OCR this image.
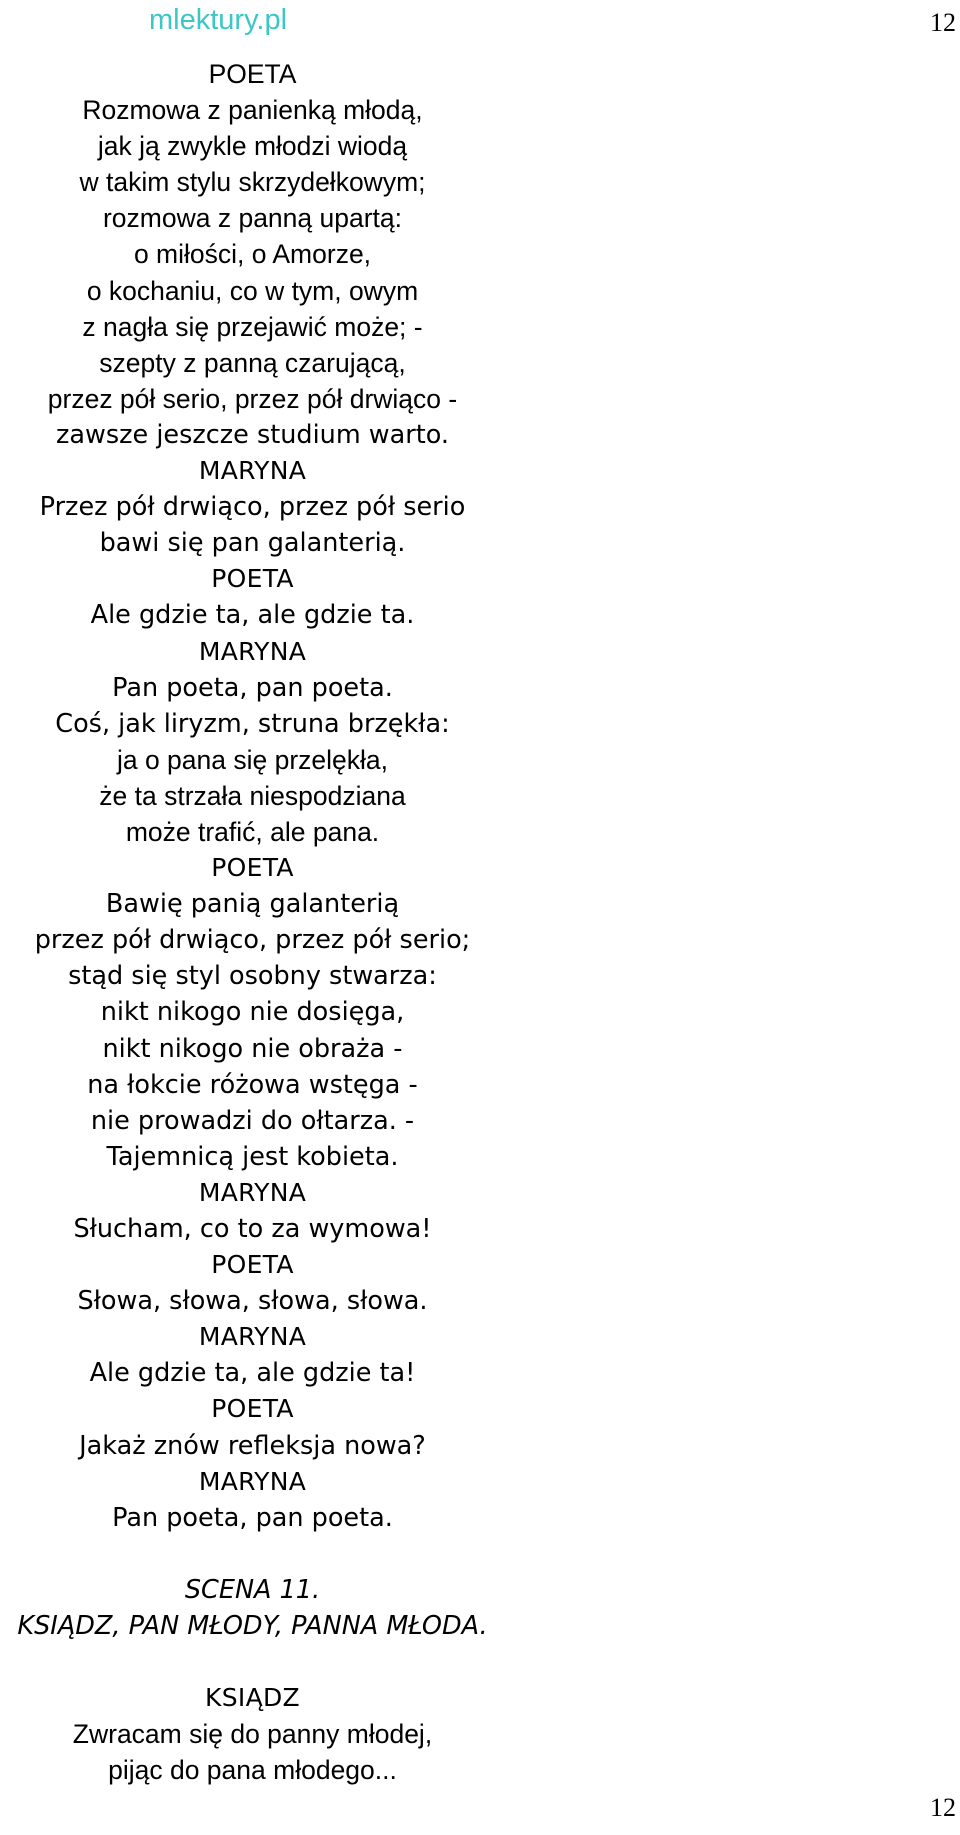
mlektury.pl	12
POETA
Rozmowa z panienką młodą,
jak ją zwykle młodzi wiodą
w takim stylu skrzydełkowym;
rozmowa z panną upartą:
o miłości, o Amorze,
o kochaniu, co w tym, owym
z nagła się przejawić może; -
szepty z panną czarującą,
przez pół serio, przez pół drwiąco -
zawsze jeszcze studium warto.
MARYNA
Przez pół drwiąco, przez pół serio
bawi się pan galanterią.
POETA
Ale gdzie ta, ale gdzie ta.
MARYNA
Pan poeta, pan poeta.
Coś, jak liryzm, struna brzękła:
ja o pana się przelękła,
że ta strzała niespodziana
może trafić, ale pana.
POETA
Bawię panią galanterią
przez pół drwiąco, przez pół serio;
stąd się styl osobny stwarza:
nikt nikogo nie dosięga,
nikt nikogo nie obraża -
na łokcie różowa wstęga -
nie prowadzi do ołtarza. -
Tajemnicą jest kobieta.
MARYNA
Słucham, co to za wymowa!
POETA
Słowa, słowa, słowa, słowa.
MARYNA
Ale gdzie ta, ale gdzie ta!
POETA
Jakaż znów refleksja nowa?
MARYNA
Pan poeta, pan poeta.
SCENA 11.
KSIĄDZ, PAN MŁODY, PANNA MŁODA.
KSIĄDZ
Zwracam się do panny młodej,
pijąc do pana młodego...
12
